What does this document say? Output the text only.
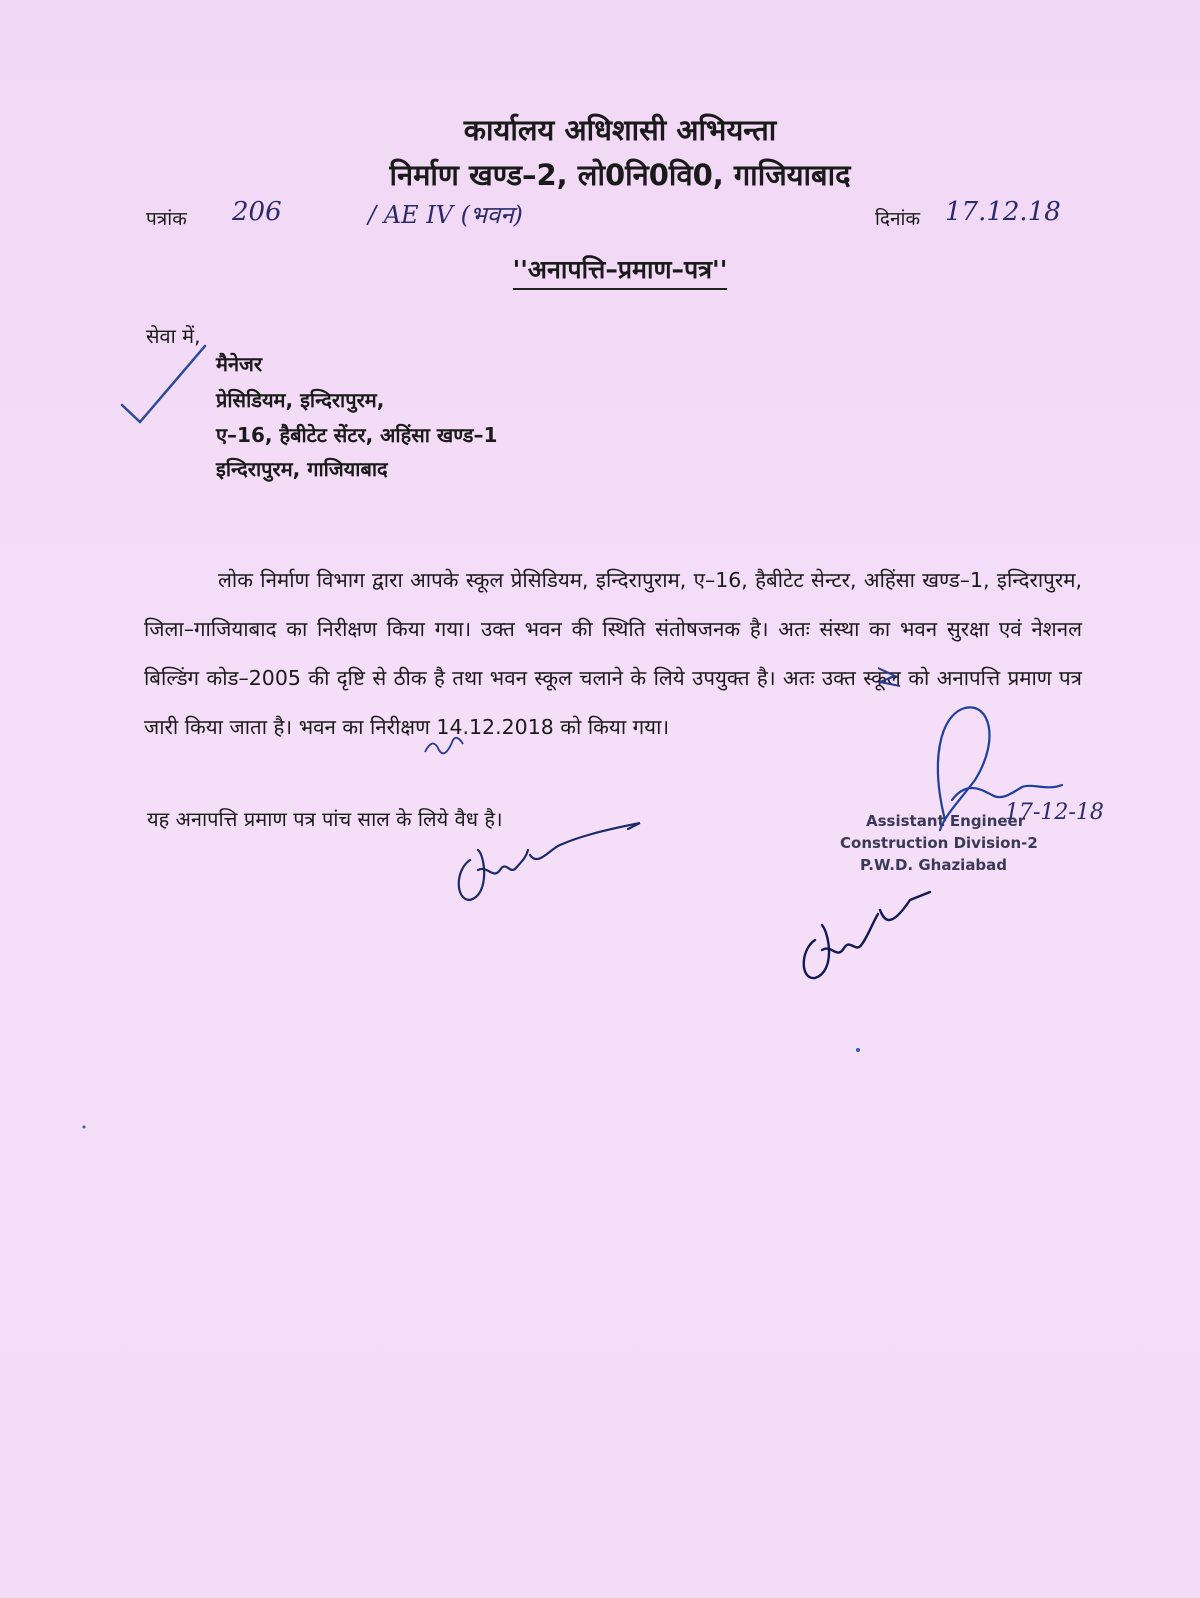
कार्यालय अधिशासी अभियन्ता
निर्माण खण्ड–2, लो0नि0वि0, गाजियाबाद
पत्रांक 206	/ AE IV (भवन)	दिनांक 17.12.18
''अनापत्ति–प्रमाण–पत्र''
सेवा में,
मैनेजर
प्रेसिडियम, इन्दिरापुरम,
ए–16, हैबीटेट सेंटर, अहिंसा खण्ड–1
इन्दिरापुरम, गाजियाबाद

लोक निर्माण विभाग द्वारा आपके स्कूल प्रेसिडियम, इन्दिरापुराम, ए–16, हैबीटेट सेन्टर, अहिंसा खण्ड–1, इन्दिरापुरम, जिला–गाजियाबाद का निरीक्षण किया गया। उक्त भवन की स्थिति संतोषजनक है। अतः संस्था का भवन सुरक्षा एवं नेशनल बिल्डिंग कोड–2005 की दृष्टि से ठीक है तथा भवन स्कूल चलाने के लिये उपयुक्त है। अतः उक्त स्कूल को अनापत्ति प्रमाण पत्र जारी किया जाता है। भवन का निरीक्षण 14.12.2018 को किया गया।

यह अनापत्ति प्रमाण पत्र पांच साल के लिये वैध है।	Assistant Engineer
Construction Division-2
P.W.D. Ghaziabad
17-12-18
